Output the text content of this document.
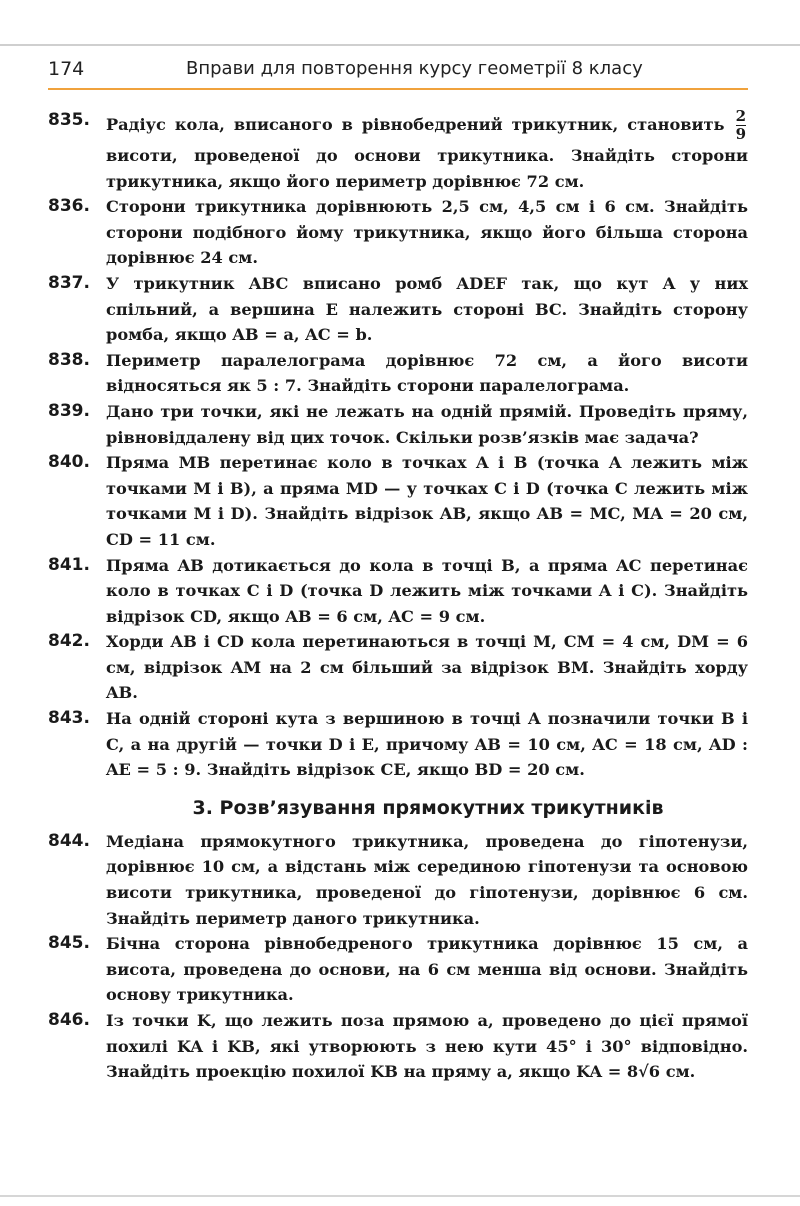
174	Вправи для повторення курсу геометрії 8 класу
835. Радіус кола, вписаного в рівнобедрений трикутник, становить $\frac{2}{9}$
висоти, проведеної до основи трикутника. Знайдіть сторони трикутника, якщо його периметр дорівнює 72 см.
836. Сторони трикутника дорівнюють 2,5 см, 4,5 см і 6 см. Знайдіть сторони подібного йому трикутника, якщо його більша сторона дорівнює 24 см.
837. У трикутник ABC вписано ромб ADEF так, що кут A у них спільний, а вершина E належить стороні BC. Знайдіть сторону ромба, якщо AB = a, AC = b.
838. Периметр паралелограма дорівнює 72 см, а його висоти відносяться як 5 : 7. Знайдіть сторони паралелограма.
839. Дано три точки, які не лежать на одній прямій. Проведіть пряму, рівновіддалену від цих точок. Скільки розв’язків має задача?
840. Пряма MB перетинає коло в точках A і B (точка A лежить між точками M і B), а пряма MD — у точках C і D (точка C лежить між точками M і D). Знайдіть відрізок AB, якщо AB = MC, MA = 20 см, CD = 11 см.
841. Пряма AB дотикається до кола в точці B, а пряма AC перетинає коло в точках C і D (точка D лежить між точками A і C). Знайдіть відрізок CD, якщо AB = 6 см, AC = 9 см.
842. Хорди AB і CD кола перетинаються в точці M, CM = 4 см, DM = 6 см, відрізок AM на 2 см більший за відрізок BM. Знайдіть хорду AB.
843. На одній стороні кута з вершиною в точці A позначили точки B і C, а на другій — точки D і E, причому AB = 10 см, AC = 18 см, AD : AE = 5 : 9. Знайдіть відрізок CE, якщо BD = 20 см.
3. Розв’язування прямокутних трикутників
844. Медіана прямокутного трикутника, проведена до гіпотенузи, дорівнює 10 см, а відстань між серединою гіпотенузи та основою висоти трикутника, проведеної до гіпотенузи, дорівнює 6 см. Знайдіть периметр даного трикутника.
845. Бічна сторона рівнобедреного трикутника дорівнює 15 см, а висота, проведена до основи, на 6 см менша від основи. Знайдіть основу трикутника.
846. Із точки K, що лежить поза прямою a, проведено до цієї прямої похилі KA і KB, які утворюють з нею кути 45° і 30° відповідно. Знайдіть проекцію похилої KB на пряму a, якщо KA = 8√6 см.
